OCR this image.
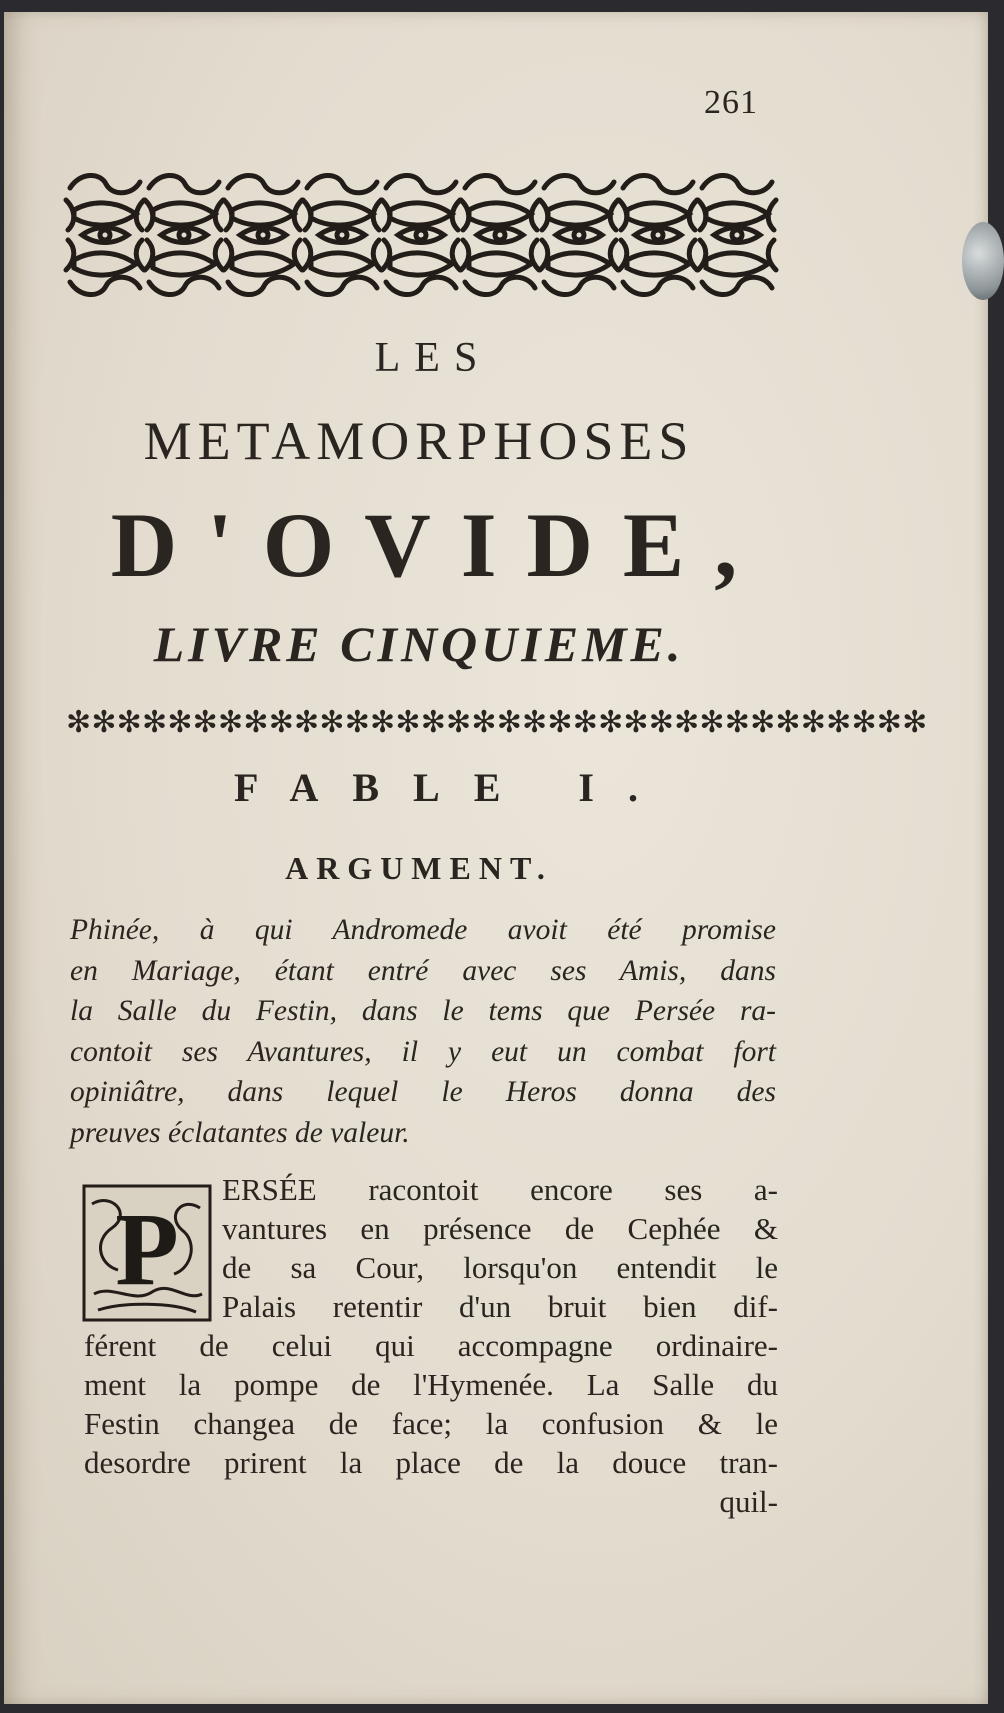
261
LES
METAMORPHOSES
D'OVIDE,
LIVRE CINQUIEME.
✻✻✻✻✻✻✻✻✻✻✻✻✻✻✻✻✻✻✻✻✻✻✻✻✻✻✻✻✻✻✻✻✻✻
FABLE I.
ARGUMENT.
Phinée, à qui Andromede avoit été promise
en Mariage, étant entré avec ses Amis, dans
la Salle du Festin, dans le tems que Persée ra-
contoit ses Avantures, il y eut un combat fort
opiniâtre, dans lequel le Heros donna des
preuves éclatantes de valeur.
P
ERSÉE racontoit encore ses a-
vantures en présence de Cephée &
de sa Cour, lorsqu'on entendit le
Palais retentir d'un bruit bien dif-
férent de celui qui accompagne ordinaire-
ment la pompe de l'Hymenée. La Salle du
Festin changea de face; la confusion & le
desordre prirent la place de la douce tran-
quil-
